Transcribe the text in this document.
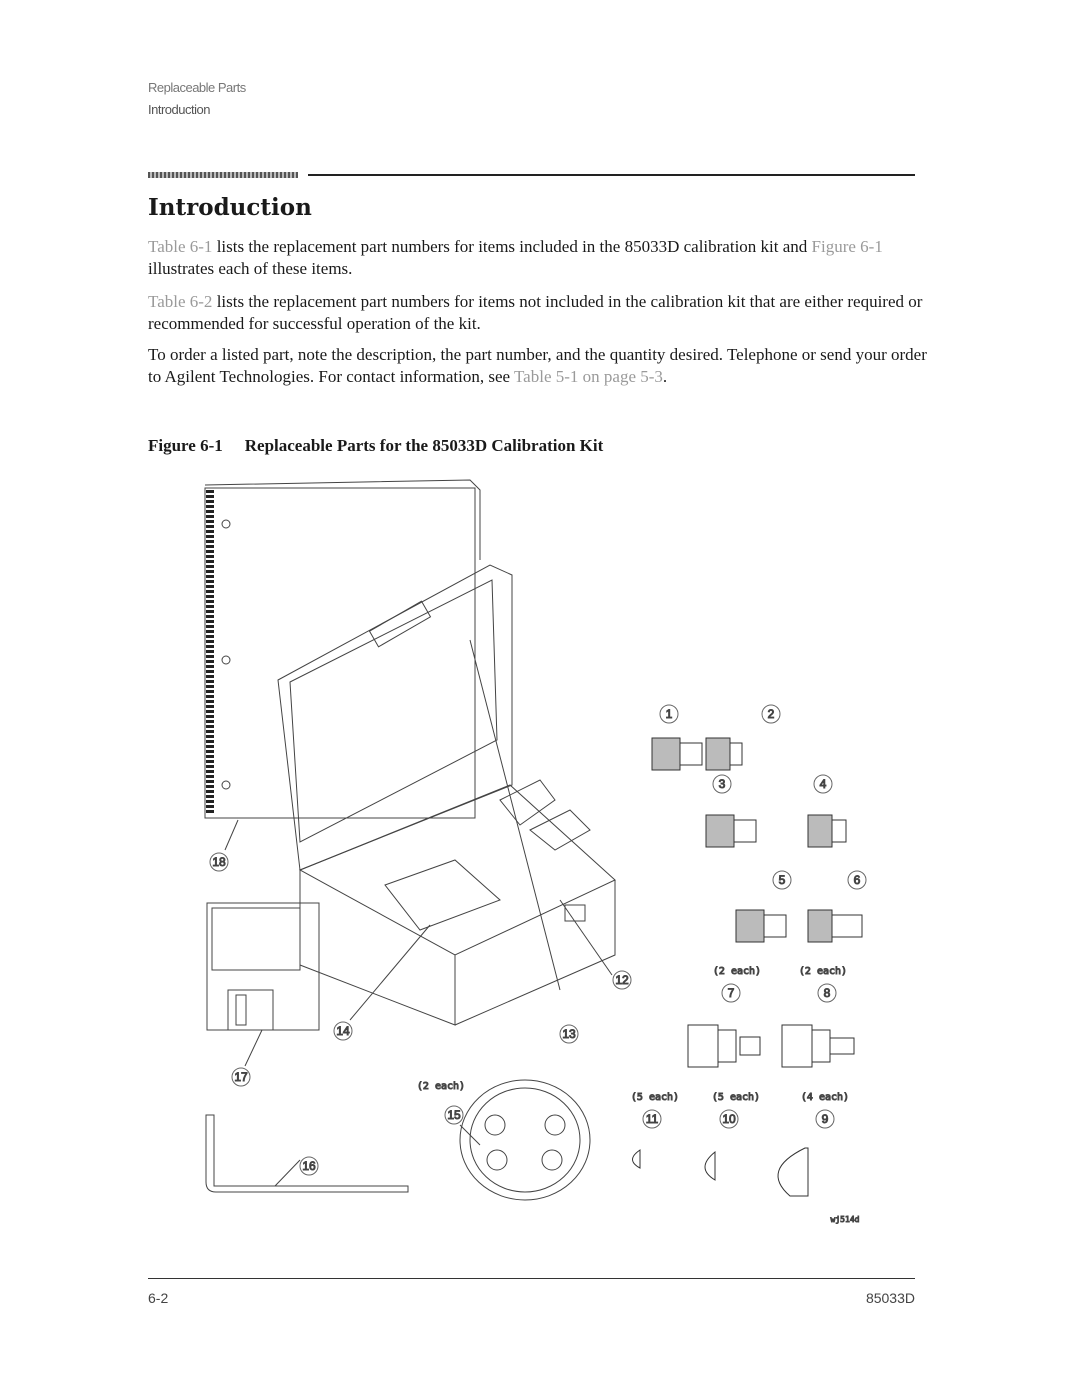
Replaceable Parts
Introduction
Introduction

Table 6-1 lists the replacement part numbers for items included in the 85033D calibration kit and Figure 6-1 illustrates each of these items.

Table 6-2 lists the replacement part numbers for items not included in the calibration kit that are either required or recommended for successful operation of the kit.

To order a listed part, note the description, the part number, and the quantity desired. Telephone or send your order to Agilent Technologies. For contact information, see Table 5-1 on page 5-3.

Figure 6-1 Replaceable Parts for the 85033D Calibration Kit
1	2
3	4
5	6
7	8
9
10
11
12
13
14
15
16
17
18
(2 each)	(2 each)
(2 each)
(5 each)	(5 each)	(4 each)
wj514d
6-2	85033D
